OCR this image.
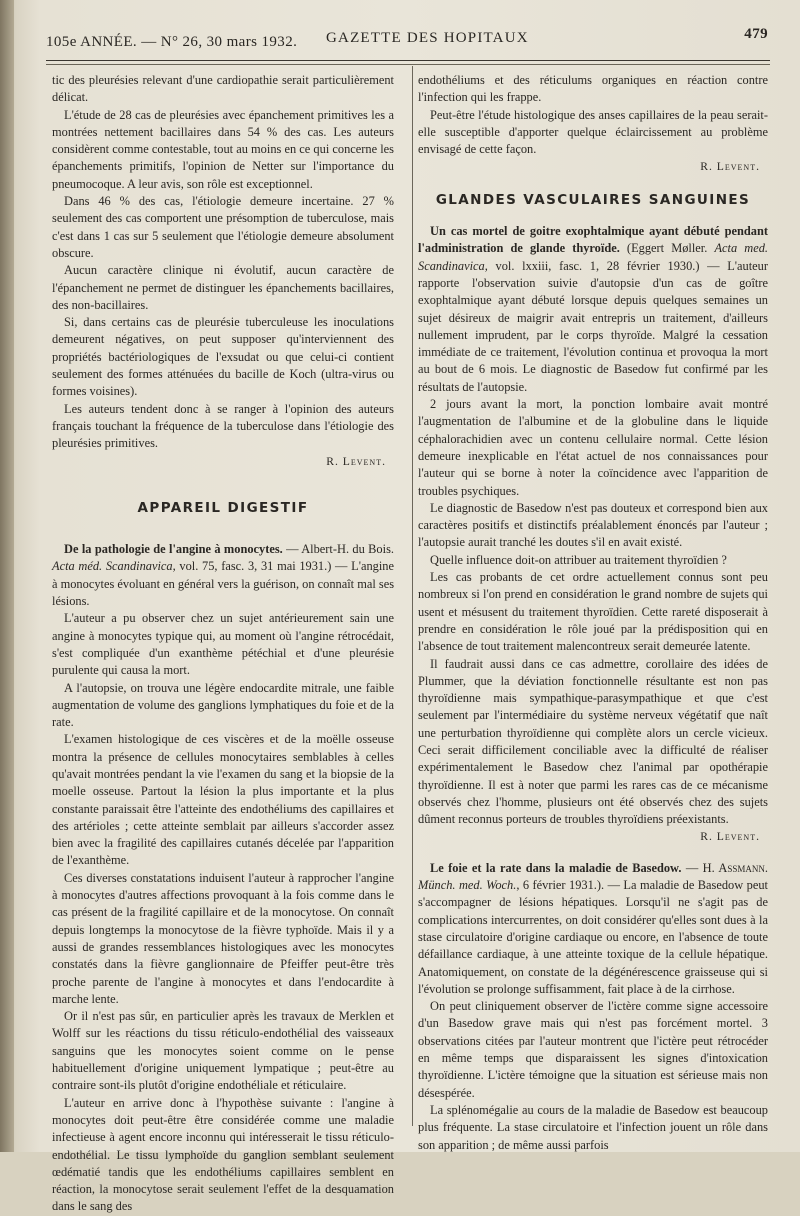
105e ANNÉE. — N° 26, 30 mars 1932. GAZETTE DES HOPITAUX	479

tic des pleurésies relevant d'une cardiopathie serait particulièrement délicat.

L'étude de 28 cas de pleurésies avec épanchement primitives les a montrées nettement bacillaires dans 54 % des cas. Les auteurs considèrent comme contestable, tout au moins en ce qui concerne les épanchements primitifs, l'opinion de Netter sur l'importance du pneumocoque. A leur avis, son rôle est exceptionnel.

Dans 46 % des cas, l'étiologie demeure incertaine. 27 % seulement des cas comportent une présomption de tuberculose, mais c'est dans 1 cas sur 5 seulement que l'étiologie demeure absolument obscure.

Aucun caractère clinique ni évolutif, aucun caractère de l'épanchement ne permet de distinguer les épanchements bacillaires, des non-bacillaires.

Si, dans certains cas de pleurésie tuberculeuse les inoculations demeurent négatives, on peut supposer qu'interviennent des propriétés bactériologiques de l'exsudat ou que celui-ci contient seulement des formes atténuées du bacille de Koch (ultra-virus ou formes voisines).

Les auteurs tendent donc à se ranger à l'opinion des auteurs français touchant la fréquence de la tuberculose dans l'étiologie des pleurésies primitives.

R. Levent.

APPAREIL DIGESTIF

De la pathologie de l'angine à monocytes. — Albert-H. du Bois. Acta méd. Scandinavica, vol. 75, fasc. 3, 31 mai 1931.) — L'angine à monocytes évoluant en général vers la guérison, on connaît mal ses lésions.

L'auteur a pu observer chez un sujet antérieurement sain une angine à monocytes typique qui, au moment où l'angine rétrocédait, s'est compliquée d'un exanthème pétéchial et d'une pleurésie purulente qui causa la mort.

A l'autopsie, on trouva une légère endocardite mitrale, une faible augmentation de volume des ganglions lymphatiques du foie et de la rate.

L'examen histologique de ces viscères et de la moëlle osseuse montra la présence de cellules monocytaires semblables à celles qu'avait montrées pendant la vie l'examen du sang et la biopsie de la moelle osseuse. Partout la lésion la plus importante et la plus constante paraissait être l'atteinte des endothéliums des capillaires et des artérioles ; cette atteinte semblait par ailleurs s'accorder assez bien avec la fragilité des capillaires cutanés décelée par l'apparition de l'exanthème.

Ces diverses constatations induisent l'auteur à rapprocher l'angine à monocytes d'autres affections provoquant à la fois comme dans le cas présent de la fragilité capillaire et de la monocytose. On connaît depuis longtemps la monocytose de la fièvre typhoïde. Mais il y a aussi de grandes ressemblances histologiques avec les monocytes constatés dans la fièvre ganglionnaire de Pfeiffer peut-être très proche parente de l'angine à monocytes et dans l'endocardite à marche lente.

Or il n'est pas sûr, en particulier après les travaux de Merklen et Wolff sur les réactions du tissu réticulo-endothélial des vaisseaux sanguins que les monocytes soient comme on le pense habituellement d'origine uniquement lympatique ; peut-être au contraire sont-ils plutôt d'origine endothéliale et réticulaire.

L'auteur en arrive donc à l'hypothèse suivante : l'angine à monocytes doit peut-être être considérée comme une maladie infectieuse à agent encore inconnu qui intéresserait le tissu réticulo-endothélial. Le tissu lymphoïde du ganglion semblant seulement œdématié tandis que les endothéliums capillaires semblent en réaction, la monocytose serait seulement l'effet de la desquamation dans le sang des

endothéliums et des réticulums organiques en réaction contre l'infection qui les frappe.

Peut-être l'étude histologique des anses capillaires de la peau serait-elle susceptible d'apporter quelque éclaircissement au problème envisagé de cette façon.

R. Levent.

GLANDES VASCULAIRES SANGUINES

Un cas mortel de goitre exophtalmique ayant débuté pendant l'administration de glande thyroïde. (Eggert Møller. Acta med. Scandinavica, vol. lxxiii, fasc. 1, 28 février 1930.) — L'auteur rapporte l'observation suivie d'autopsie d'un cas de goître exophtalmique ayant débuté lorsque depuis quelques semaines un sujet désireux de maigrir avait entrepris un traitement, d'ailleurs nullement imprudent, par le corps thyroïde. Malgré la cessation immédiate de ce traitement, l'évolution continua et provoqua la mort au bout de 6 mois. Le diagnostic de Basedow fut confirmé par les résultats de l'autopsie.

2 jours avant la mort, la ponction lombaire avait montré l'augmentation de l'albumine et de la globuline dans le liquide céphalorachidien avec un contenu cellulaire normal. Cette lésion demeure inexplicable en l'état actuel de nos connaissances pour l'auteur qui se borne à noter la coïncidence avec l'apparition de troubles psychiques.

Le diagnostic de Basedow n'est pas douteux et correspond bien aux caractères positifs et distinctifs préalablement énoncés par l'auteur ; l'autopsie aurait tranché les doutes s'il en avait existé.

Quelle influence doit-on attribuer au traitement thyroïdien ?

Les cas probants de cet ordre actuellement connus sont peu nombreux si l'on prend en considération le grand nombre de sujets qui usent et mésusent du traitement thyroïdien. Cette rareté disposerait à prendre en considération le rôle joué par la prédisposition qui en l'absence de tout traitement malencontreux serait demeurée latente.

Il faudrait aussi dans ce cas admettre, corollaire des idées de Plummer, que la déviation fonctionnelle résultante est non pas thyroïdienne mais sympathique-parasympathique et que c'est seulement par l'intermédiaire du système nerveux végétatif que naît une perturbation thyroïdienne qui complète alors un cercle vicieux. Ceci serait difficilement conciliable avec la difficulté de réaliser expérimentalement le Basedow chez l'animal par opothérapie thyroïdienne. Il est à noter que parmi les rares cas de ce mécanisme observés chez l'homme, plusieurs ont été observés chez des sujets dûment reconnus porteurs de troubles thyroïdiens préexistants.

R. Levent.

Le foie et la rate dans la maladie de Basedow. — H. Assmann. Münch. med. Woch., 6 février 1931.). — La maladie de Basedow peut s'accompagner de lésions hépatiques. Lorsqu'il ne s'agit pas de complications intercurrentes, on doit considérer qu'elles sont dues à la stase circulatoire d'origine cardiaque ou encore, en l'absence de toute défaillance cardiaque, à une atteinte toxique de la cellule hépatique. Anatomiquement, on constate de la dégénérescence graisseuse qui si l'évolution se prolonge suffisamment, fait place à de la cirrhose.

On peut cliniquement observer de l'ictère comme signe accessoire d'un Basedow grave mais qui n'est pas forcément mortel. 3 observations citées par l'auteur montrent que l'ictère peut rétrocéder en même temps que disparaissent les signes d'intoxication thyroïdienne. L'ictère témoigne que la situation est sérieuse mais non désespérée.

La splénomégalie au cours de la maladie de Basedow est beaucoup plus fréquente. La stase circulatoire et l'infection jouent un rôle dans son apparition ; de même aussi parfois
